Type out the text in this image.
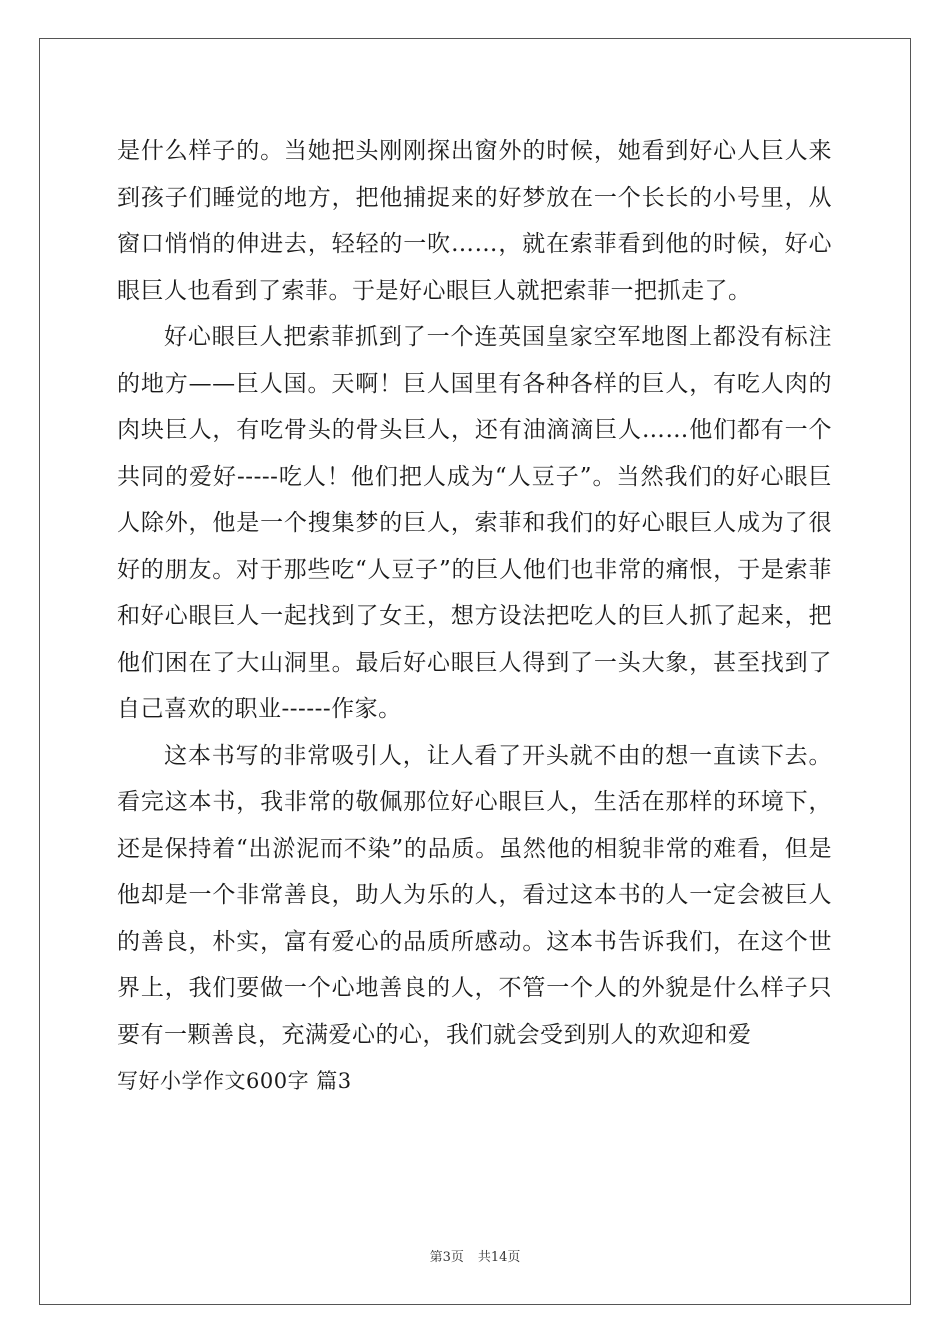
是什么样子的。当她把头刚刚探出窗外的时候，她看到好心人巨人来到孩子们睡觉的地方，把他捕捉来的好梦放在一个长长的小号里，从窗口悄悄的伸进去，轻轻的一吹……，就在索菲看到他的时候，好心眼巨人也看到了索菲。于是好心眼巨人就把索菲一把抓走了。

好心眼巨人把索菲抓到了一个连英国皇家空军地图上都没有标注的地方——巨人国。天啊！巨人国里有各种各样的巨人，有吃人肉的肉块巨人，有吃骨头的骨头巨人，还有油滴滴巨人……他们都有一个共同的爱好-----吃人！他们把人成为“人豆子”。当然我们的好心眼巨人除外，他是一个搜集梦的巨人，索菲和我们的好心眼巨人成为了很好的朋友。对于那些吃“人豆子”的巨人他们也非常的痛恨，于是索菲和好心眼巨人一起找到了女王，想方设法把吃人的巨人抓了起来，把他们困在了大山洞里。最后好心眼巨人得到了一头大象，甚至找到了自己喜欢的职业------作家。

这本书写的非常吸引人，让人看了开头就不由的想一直读下去。看完这本书，我非常的敬佩那位好心眼巨人，生活在那样的环境下，还是保持着“出淤泥而不染”的品质。虽然他的相貌非常的难看，但是他却是一个非常善良，助人为乐的人，看过这本书的人一定会被巨人的善良，朴实，富有爱心的品质所感动。这本书告诉我们，在这个世界上，我们要做一个心地善良的人，不管一个人的外貌是什么样子只要有一颗善良，充满爱心的心，我们就会受到别人的欢迎和爱

写好小学作文600字 篇3

第3页 共14页
